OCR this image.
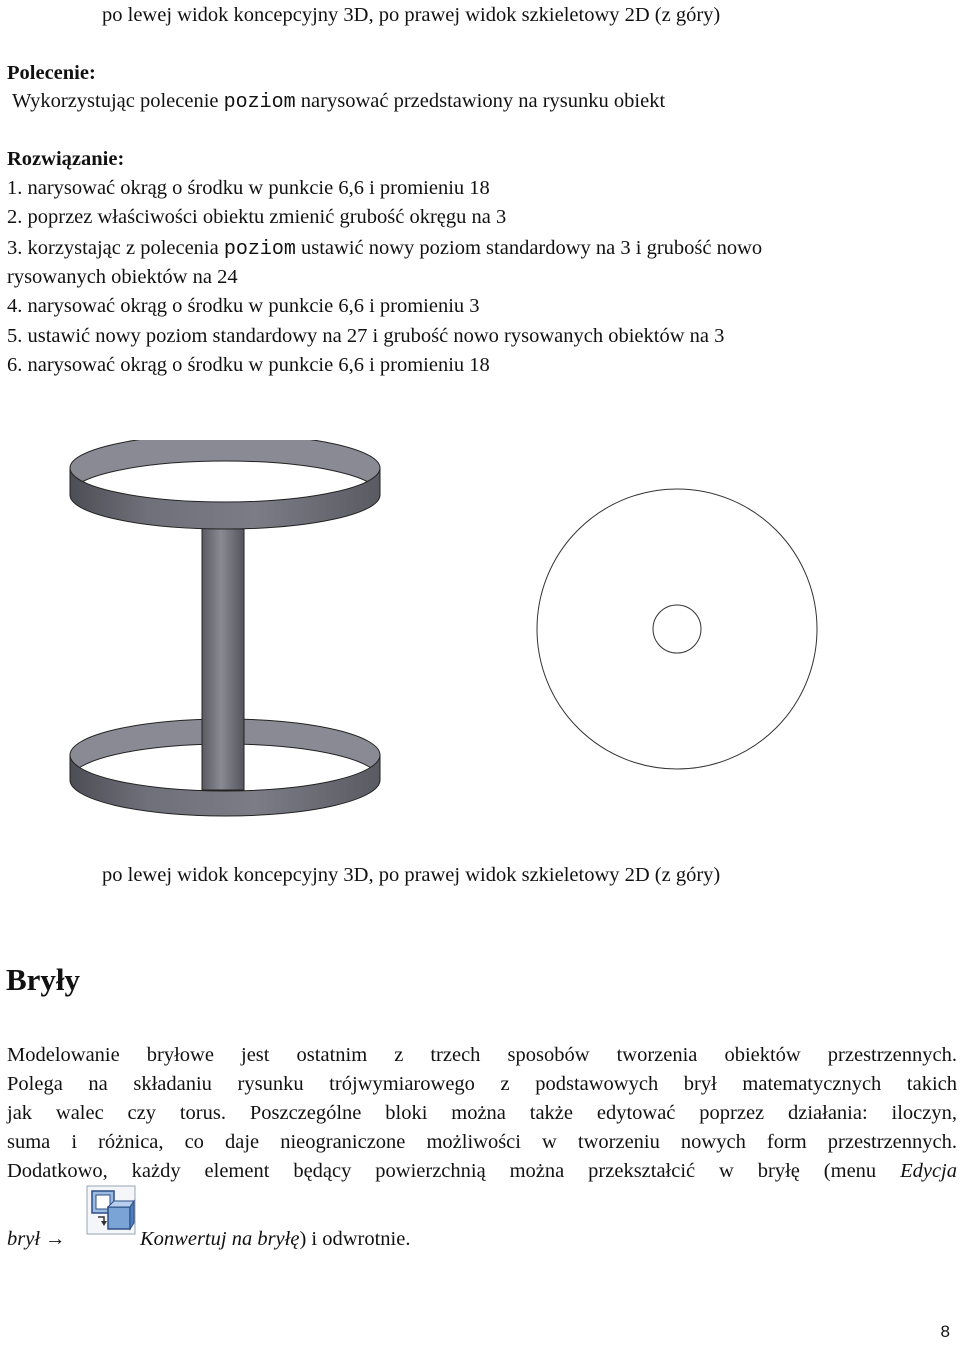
po lewej widok koncepcyjny 3D, po prawej widok szkieletowy 2D (z góry)
Polecenie:
Wykorzystując polecenie poziom narysować przedstawiony na rysunku obiekt
Rozwiązanie:
1. narysować okrąg o środku w punkcie 6,6 i promieniu 18
2. poprzez właściwości obiektu zmienić grubość okręgu na 3
3. korzystając z polecenia poziom ustawić nowy poziom standardowy na 3 i grubość nowo
rysowanych obiektów na 24
4. narysować okrąg o środku w punkcie 6,6 i promieniu 3
5. ustawić nowy poziom standardowy na 27 i grubość nowo rysowanych obiektów na 3
6. narysować okrąg o środku w punkcie 6,6 i promieniu 18
po lewej widok koncepcyjny 3D, po prawej widok szkieletowy 2D (z góry)
Bryły
Modelowanie bryłowe jest ostatnim z trzech sposobów tworzenia obiektów przestrzennych.
Polega na składaniu rysunku trójwymiarowego z podstawowych brył matematycznych takich
jak walec czy torus. Poszczególne bloki można także edytować poprzez działania: iloczyn,
suma i różnica, co daje nieograniczone możliwości w tworzeniu nowych form przestrzennych.
Dodatkowo, każdy element będący powierzchnią można przekształcić w bryłę (menu Edycja
brył →	Konwertuj na bryłę) i odwrotnie.
8
